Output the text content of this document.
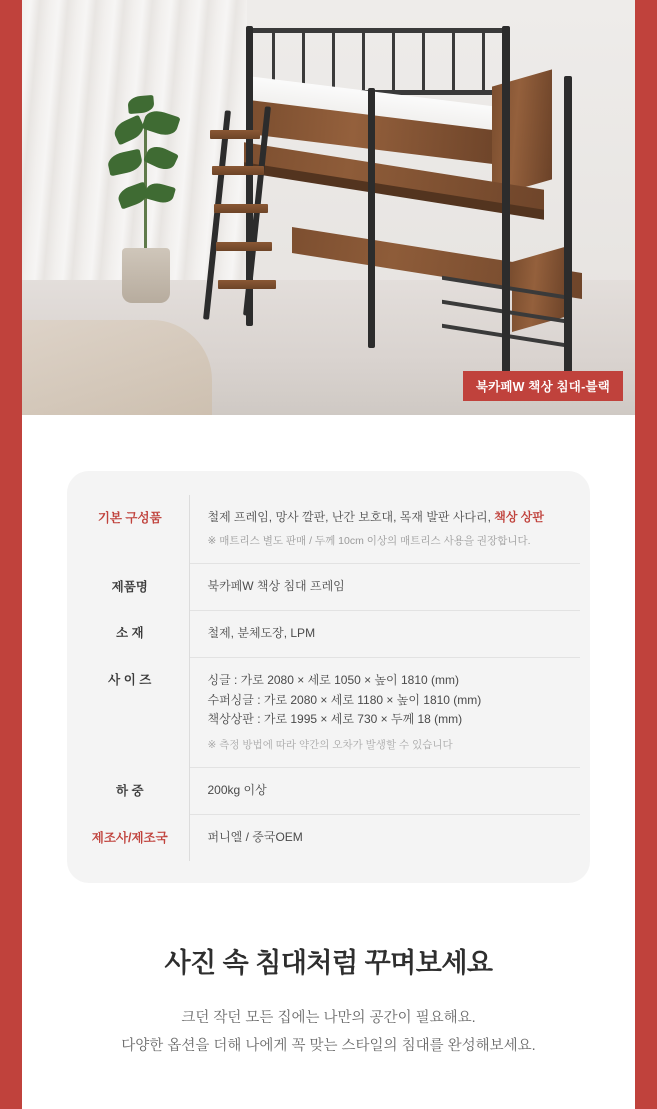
북카페W 책상 침대-블랙
기본 구성품	철제 프레임, 망사 깔판, 난간 보호대, 목재 발판 사다리, 책상 상판
※ 매트리스 별도 판매 / 두께 10cm 이상의 매트리스 사용을 권장합니다.

제품명	북카페W 책상 침대 프레임
소 재	철제, 분체도장, LPM
사 이 즈	싱글 : 가로 2080 × 세로 1050 × 높이 1810 (mm)
수퍼싱글 : 가로 2080 × 세로 1180 × 높이 1810 (mm)
책상상판 : 가로 1995 × 세로 730 × 두께 18 (mm)
※ 측정 방법에 따라 약간의 오차가 발생할 수 있습니다

하 중	200kg 이상
제조사/제조국	퍼니엘 / 중국OEM
사진 속 침대처럼 꾸며보세요
크던 작던 모든 집에는 나만의 공간이 필요해요.
다양한 옵션을 더해 나에게 꼭 맞는 스타일의 침대를 완성해보세요.
